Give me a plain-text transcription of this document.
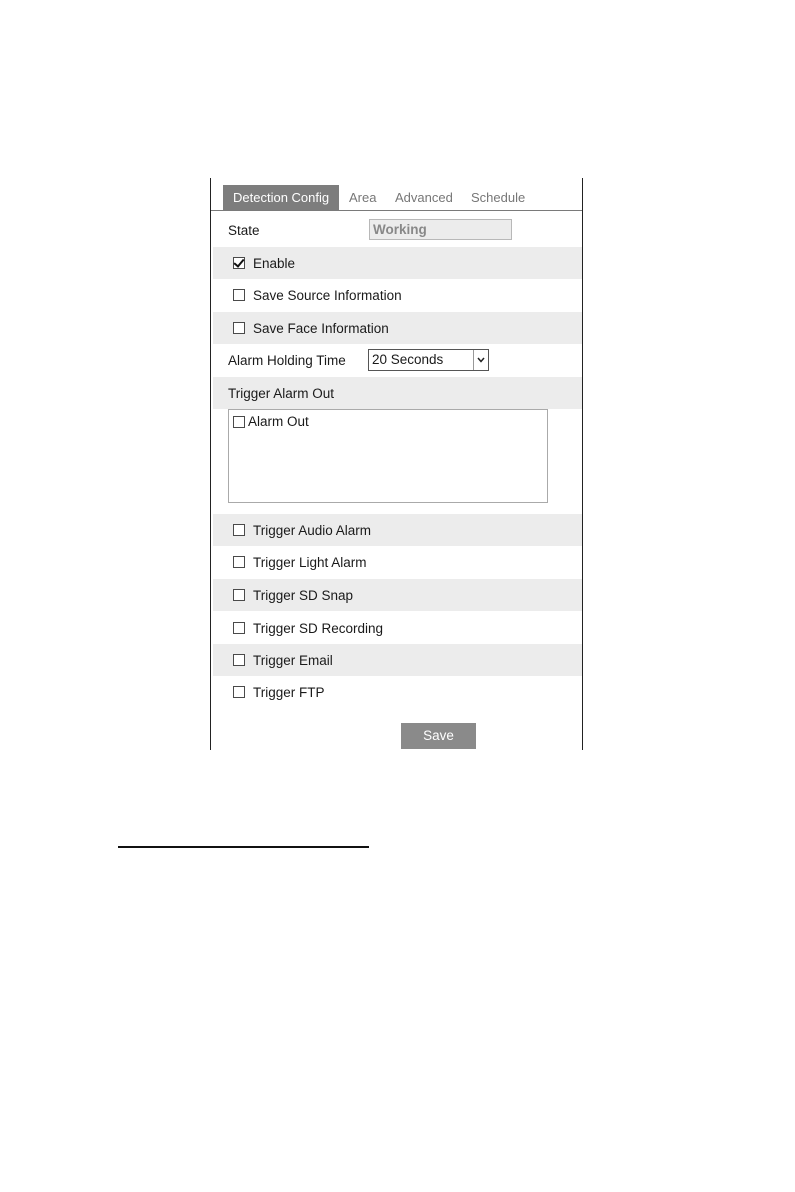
Detection Config	Area Advanced Schedule
State	Working
Enable
Save Source Information
Save Face Information
Alarm Holding Time 20 Seconds
Trigger Alarm Out
Alarm Out
Trigger Audio Alarm
Trigger Light Alarm
Trigger SD Snap
Trigger SD Recording
Trigger Email
Trigger FTP
Save
